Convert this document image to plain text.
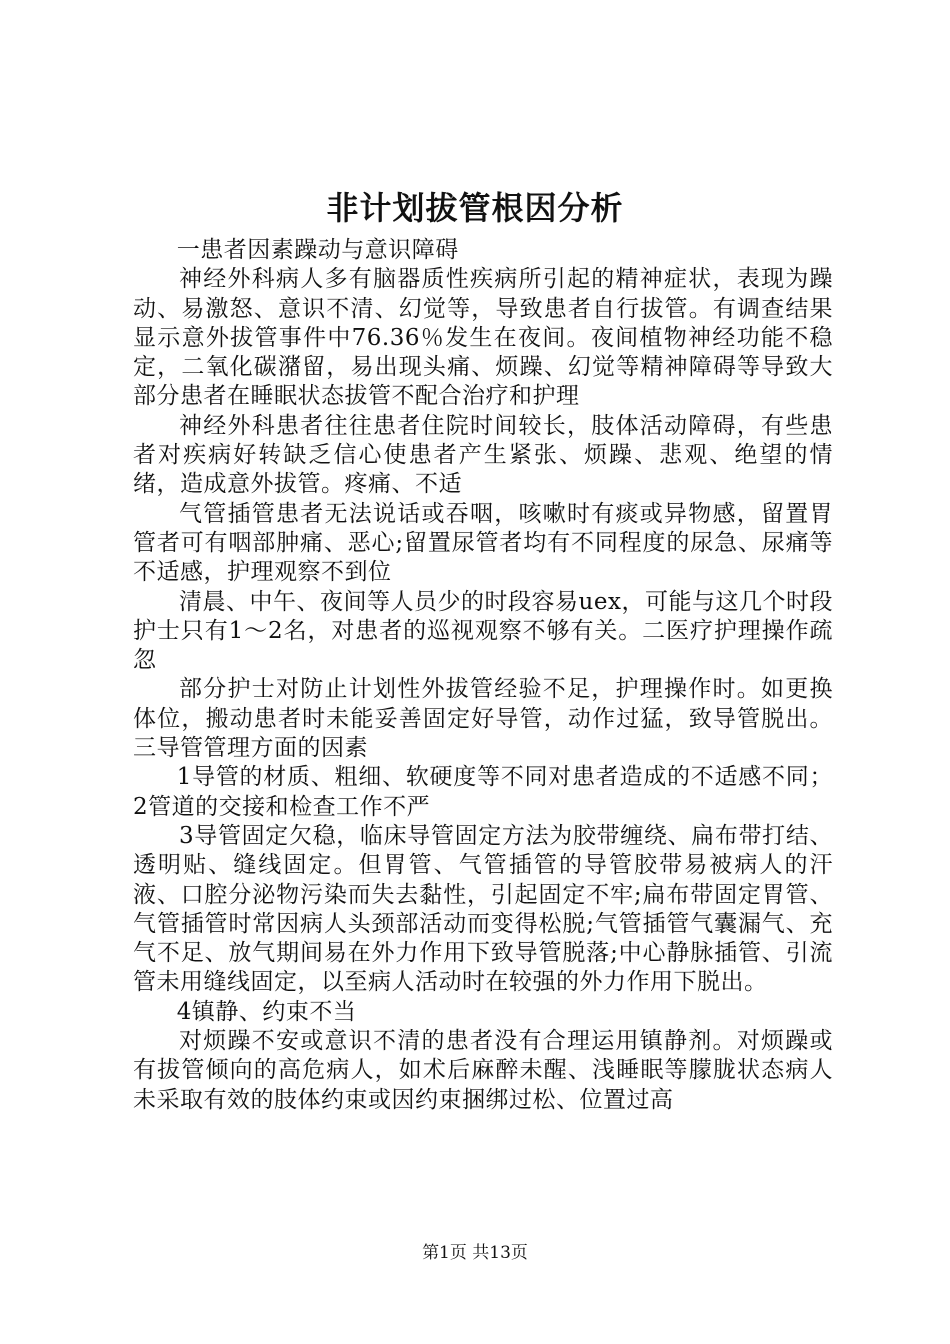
非计划拔管根因分析

一患者因素躁动与意识障碍

神经外科病人多有脑器质性疾病所引起的精神症状，表现为躁动、易激怒、意识不清、幻觉等，导致患者自行拔管。有调查结果显示意外拔管事件中76.36％发生在夜间。夜间植物神经功能不稳定，二氧化碳潴留，易出现头痛、烦躁、幻觉等精神障碍等导致大部分患者在睡眠状态拔管不配合治疗和护理

神经外科患者往往患者住院时间较长，肢体活动障碍，有些患者对疾病好转缺乏信心使患者产生紧张、烦躁、悲观、绝望的情绪，造成意外拔管。疼痛、不适

气管插管患者无法说话或吞咽，咳嗽时有痰或异物感，留置胃管者可有咽部肿痛、恶心;留置尿管者均有不同程度的尿急、尿痛等不适感，护理观察不到位

清晨、中午、夜间等人员少的时段容易uex，可能与这几个时段护士只有1～2名，对患者的巡视观察不够有关。二医疗护理操作疏忽

部分护士对防止计划性外拔管经验不足，护理操作时。如更换体位，搬动患者时未能妥善固定好导管，动作过猛，致导管脱出。三导管管理方面的因素

1导管的材质、粗细、软硬度等不同对患者造成的不适感不同；2管道的交接和检查工作不严

3导管固定欠稳，临床导管固定方法为胶带缠绕、扁布带打结、透明贴、缝线固定。但胃管、气管插管的导管胶带易被病人的汗液、口腔分泌物污染而失去黏性，引起固定不牢;扁布带固定胃管、气管插管时常因病人头颈部活动而变得松脱;气管插管气囊漏气、充气不足、放气期间易在外力作用下致导管脱落;中心静脉插管、引流管未用缝线固定，以至病人活动时在较强的外力作用下脱出。

4镇静、约束不当

对烦躁不安或意识不清的患者没有合理运用镇静剂。对烦躁或有拔管倾向的高危病人，如术后麻醉未醒、浅睡眠等朦胧状态病人未采取有效的肢体约束或因约束捆绑过松、位置过高

第1页 共13页
